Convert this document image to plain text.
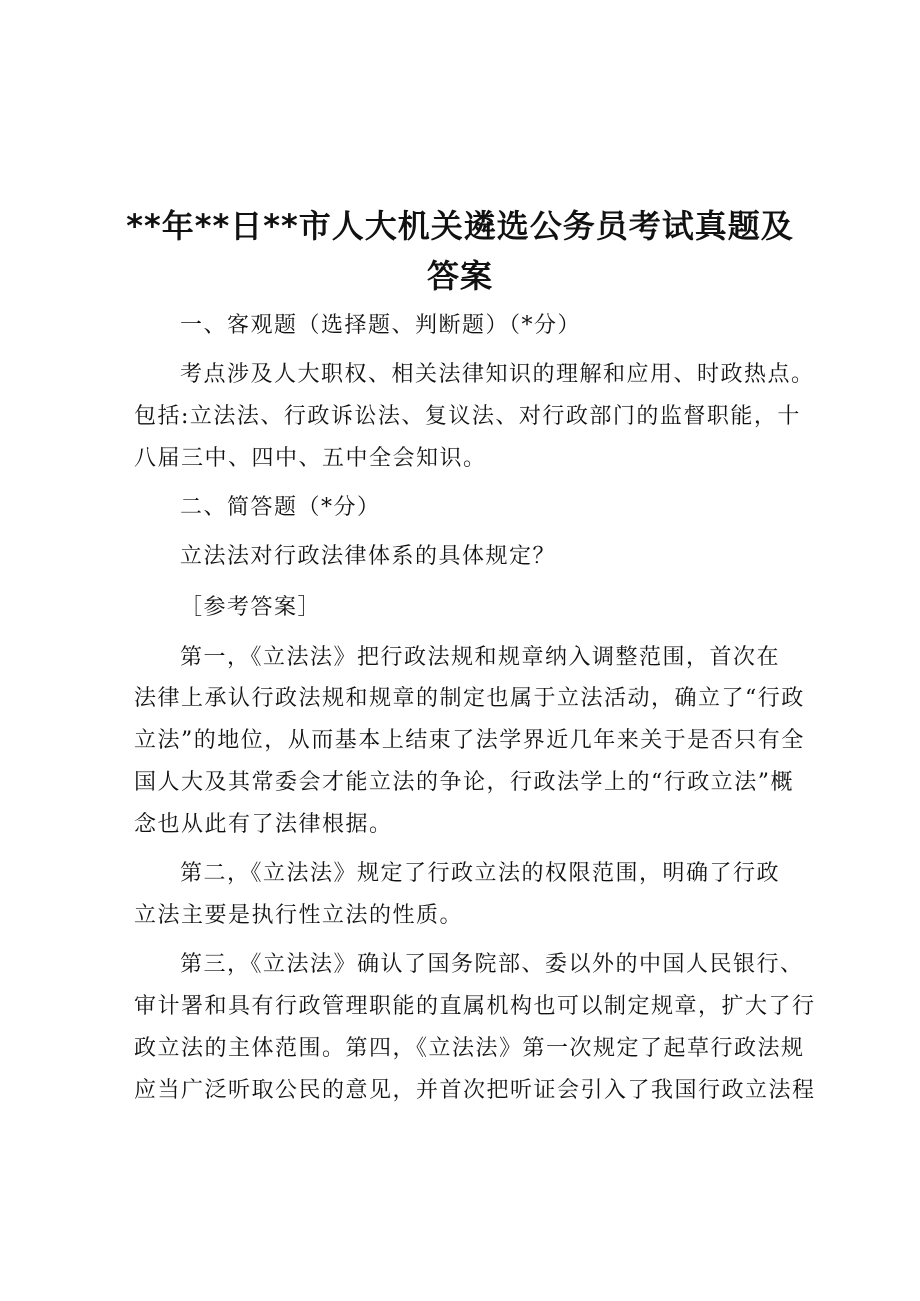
**年**日**市人大机关遴选公务员考试真题及
答案
一、客观题（选择题、判断题）（*分）
考点涉及人大职权、相关法律知识的理解和应用、时政热点。
包括:立法法、行政诉讼法、复议法、对行政部门的监督职能，十
八届三中、四中、五中全会知识。
二、简答题（*分）
立法法对行政法律体系的具体规定？
［参考答案］
第一，《立法法》把行政法规和规章纳入调整范围，首次在
法律上承认行政法规和规章的制定也属于立法活动，确立了“行政
立法”的地位，从而基本上结束了法学界近几年来关于是否只有全
国人大及其常委会才能立法的争论，行政法学上的“行政立法”概
念也从此有了法律根据。
第二，《立法法》规定了行政立法的权限范围，明确了行政
立法主要是执行性立法的性质。
第三，《立法法》确认了国务院部、委以外的中国人民银行、
审计署和具有行政管理职能的直属机构也可以制定规章，扩大了行
政立法的主体范围。第四，《立法法》第一次规定了起草行政法规
应当广泛听取公民的意见，并首次把听证会引入了我国行政立法程
